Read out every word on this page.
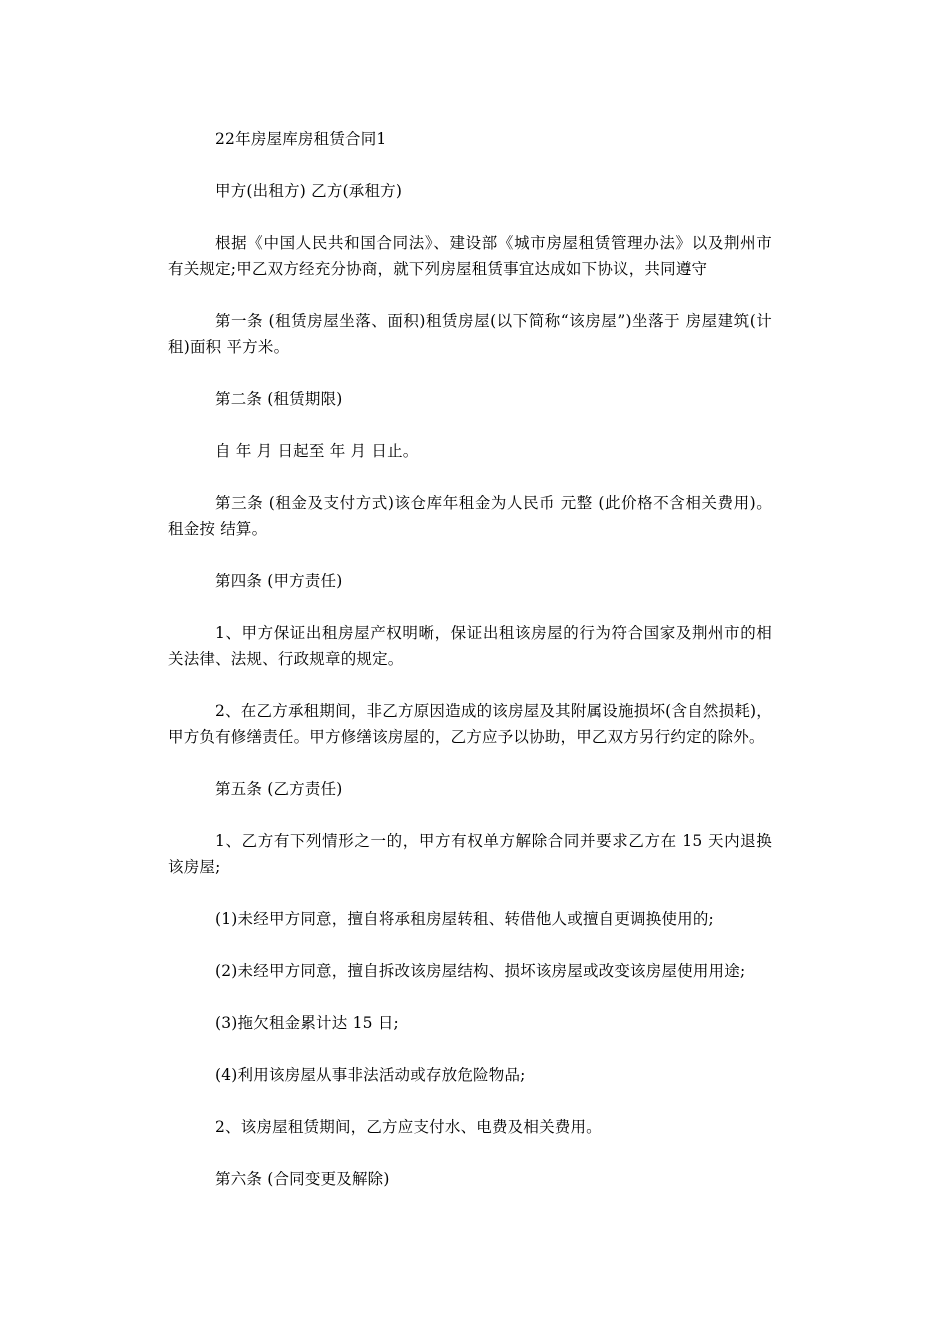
22年房屋库房租赁合同1

甲方(出租方) 乙方(承租方)

根据《中国人民共和国合同法》、建设部《城市房屋租赁管理办法》以及荆州市有关规定;甲乙双方经充分协商，就下列房屋租赁事宜达成如下协议，共同遵守

第一条 (租赁房屋坐落、面积)租赁房屋(以下简称“该房屋”)坐落于 房屋建筑(计租)面积 平方米。

第二条 (租赁期限)

自 年 月 日起至 年 月 日止。

第三条 (租金及支付方式)该仓库年租金为人民币 元整 (此价格不含相关费用)。租金按 结算。

第四条 (甲方责任)

1、甲方保证出租房屋产权明晰，保证出租该房屋的行为符合国家及荆州市的相关法律、法规、行政规章的规定。

2、在乙方承租期间，非乙方原因造成的该房屋及其附属设施损坏(含自然损耗)，甲方负有修缮责任。甲方修缮该房屋的，乙方应予以协助，甲乙双方另行约定的除外。

第五条 (乙方责任)

1、乙方有下列情形之一的，甲方有权单方解除合同并要求乙方在 15 天内退换该房屋;

(1)未经甲方同意，擅自将承租房屋转租、转借他人或擅自更调换使用的;

(2)未经甲方同意，擅自拆改该房屋结构、损坏该房屋或改变该房屋使用用途;

(3)拖欠租金累计达 15 日;

(4)利用该房屋从事非法活动或存放危险物品;

2、该房屋租赁期间，乙方应支付水、电费及相关费用。

第六条 (合同变更及解除)
